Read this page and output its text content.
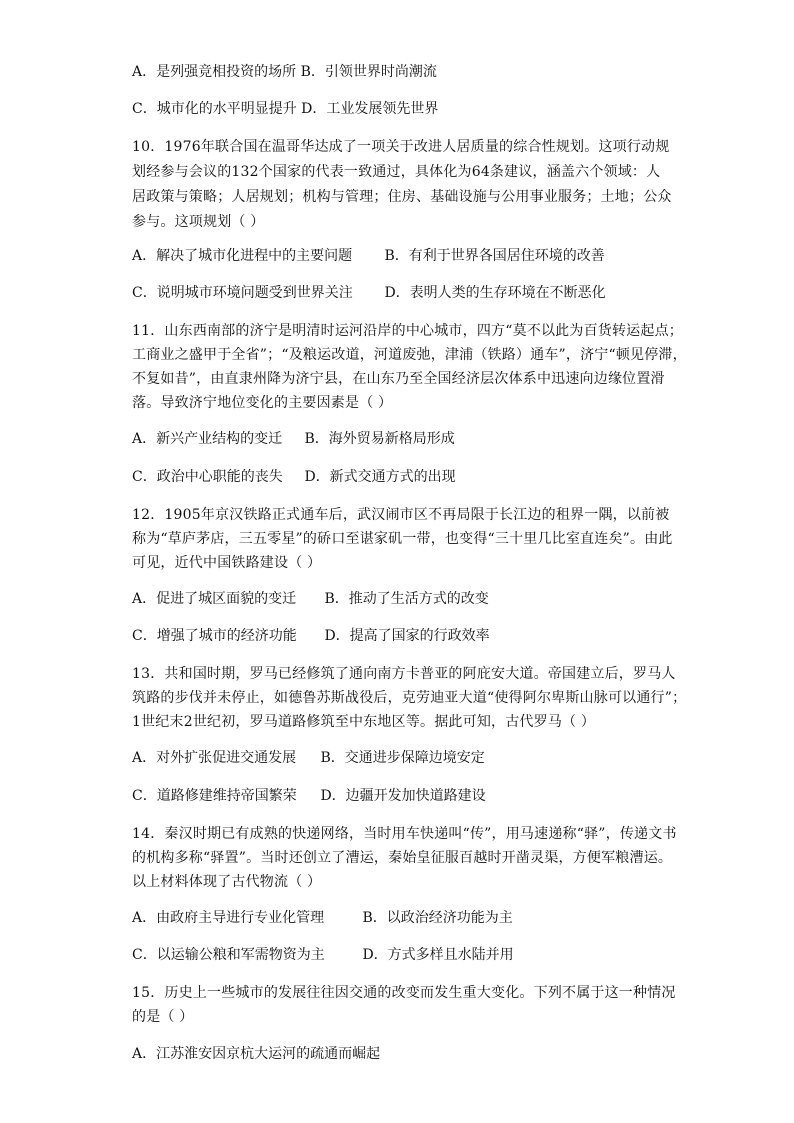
A．是列强竞相投资的场所 B．引领世界时尚潮流
C．城市化的水平明显提升 D．工业发展领先世界
10．1976年联合国在温哥华达成了一项关于改进人居质量的综合性规划。这项行动规
划经参与会议的132个国家的代表一致通过，具体化为64条建议，涵盖六个领域：人
居政策与策略；人居规划；机构与管理；住房、基础设施与公用事业服务；土地；公众
参与。这项规划（ ）
A．解决了城市化进程中的主要问题 B．有利于世界各国居住环境的改善
C．说明城市环境问题受到世界关注 D．表明人类的生存环境在不断恶化
11．山东西南部的济宁是明清时运河沿岸的中心城市，四方“莫不以此为百货转运起点；
工商业之盛甲于全省”；“及粮运改道，河道废弛，津浦（铁路）通车”，济宁“顿见停滞，
不复如昔”，由直隶州降为济宁县，在山东乃至全国经济层次体系中迅速向边缘位置滑
落。导致济宁地位变化的主要因素是（ ）
A．新兴产业结构的变迁 B．海外贸易新格局形成
C．政治中心职能的丧失 D．新式交通方式的出现
12．1905年京汉铁路正式通车后，武汉闹市区不再局限于长江边的租界一隅，以前被
称为“草庐茅店，三五零星”的硚口至谌家矶一带，也变得“三十里几比室直连矣”。由此
可见，近代中国铁路建设（ ）
A．促进了城区面貌的变迁 B．推动了生活方式的改变
C．增强了城市的经济功能 D．提高了国家的行政效率
13．共和国时期，罗马已经修筑了通向南方卡普亚的阿庇安大道。帝国建立后，罗马人
筑路的步伐并未停止，如德鲁苏斯战役后，克劳迪亚大道“使得阿尔卑斯山脉可以通行”；
1世纪末2世纪初，罗马道路修筑至中东地区等。据此可知，古代罗马（ ）
A．对外扩张促进交通发展 B．交通进步保障边境安定
C．道路修建维持帝国繁荣 D．边疆开发加快道路建设
14．秦汉时期已有成熟的快递网络，当时用车快递叫“传”，用马速递称“驿”，传递文书
的机构多称“驿置”。当时还创立了漕运，秦始皇征服百越时开凿灵渠，方便军粮漕运。
以上材料体现了古代物流（ ）
A．由政府主导进行专业化管理	B．以政治经济功能为主
C．以运输公粮和军需物资为主	D．方式多样且水陆并用
15．历史上一些城市的发展往往因交通的改变而发生重大变化。下列不属于这一种情况
的是（ ）
A．江苏淮安因京杭大运河的疏通而崛起
